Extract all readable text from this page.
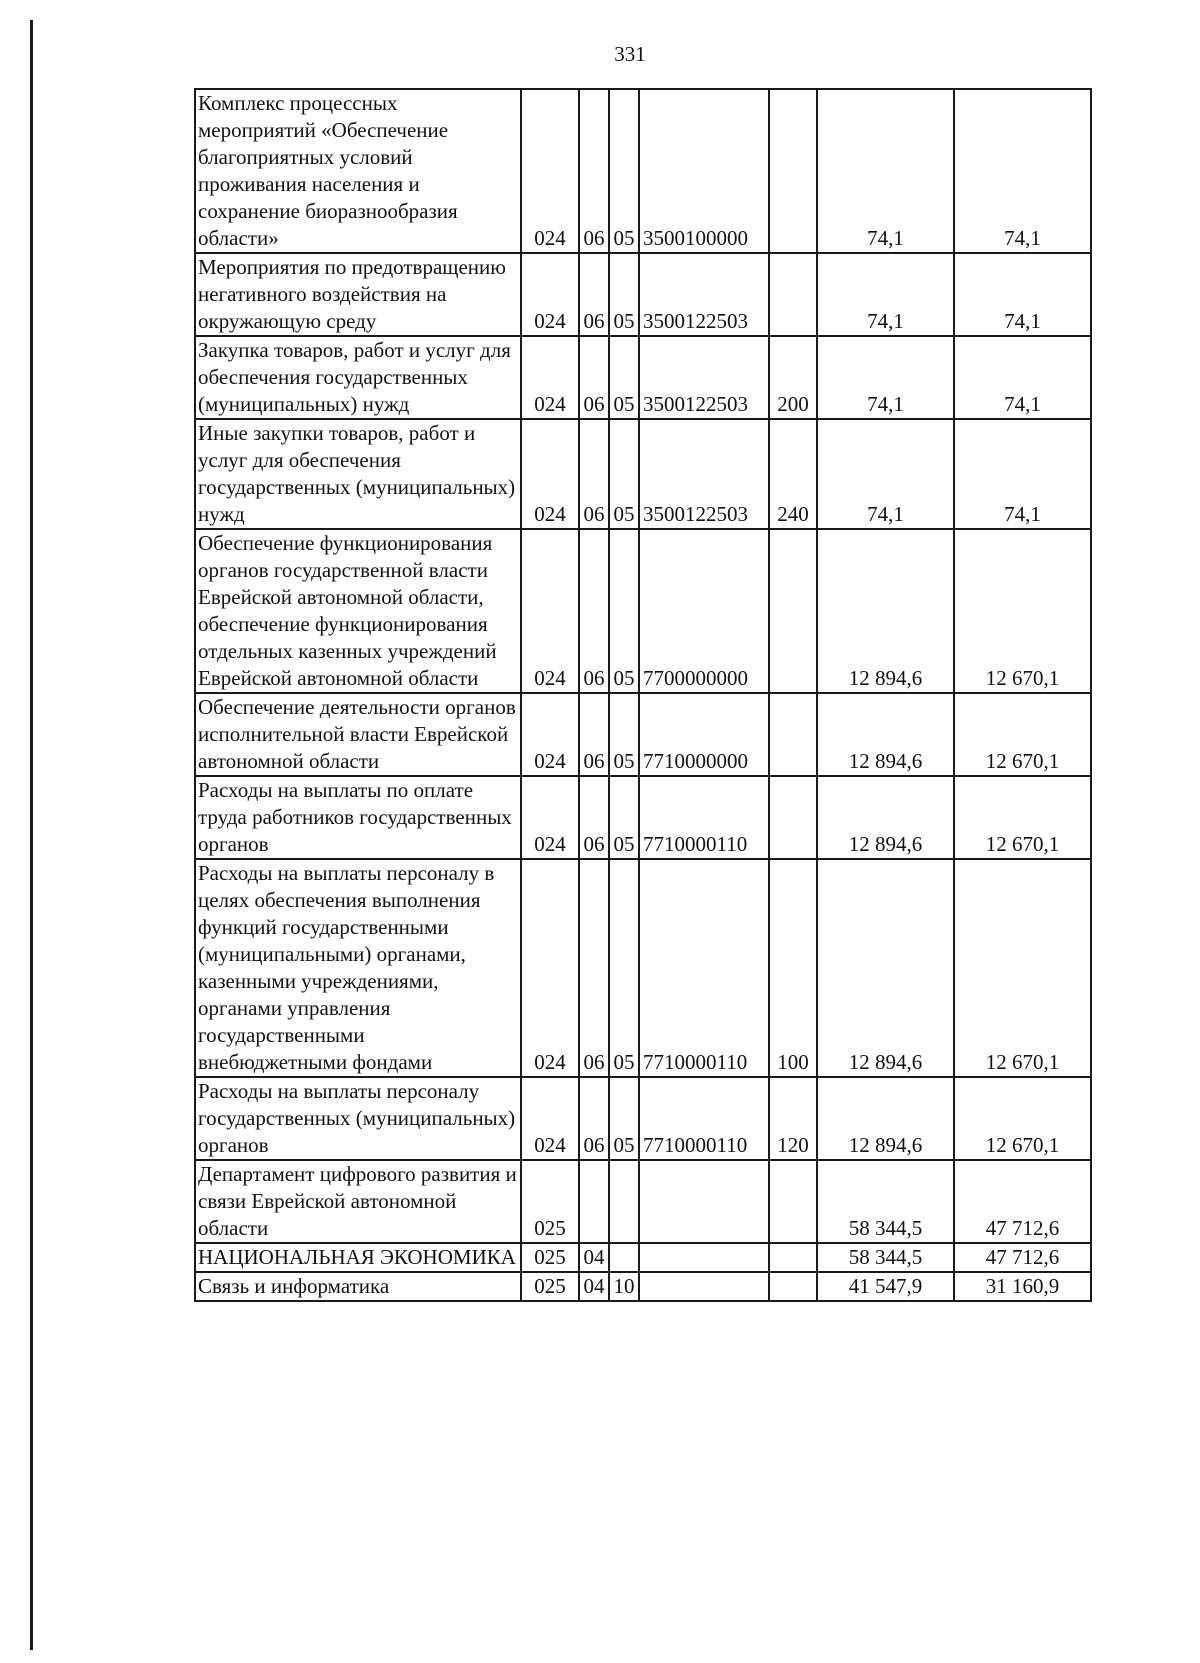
331
Комплекс процессных мероприятий «Обеспечение благоприятных условий проживания населения и сохранение биоразнообразия области»	024	06	05	3500100000		74,1	74,1
Мероприятия по предотвращению негативного воздействия на окружающую среду	024	06	05	3500122503		74,1	74,1
Закупка товаров, работ и услуг для обеспечения государственных (муниципальных) нужд	024	06	05	3500122503	200	74,1	74,1
Иные закупки товаров, работ и услуг для обеспечения государственных (муниципальных) нужд	024	06	05	3500122503	240	74,1	74,1
Обеспечение функционирования органов государственной власти Еврейской автономной области, обеспечение функционирования отдельных казенных учреждений Еврейской автономной области	024	06	05	7700000000		12 894,6	12 670,1
Обеспечение деятельности органов исполнительной власти Еврейской автономной области	024	06	05	7710000000		12 894,6	12 670,1
Расходы на выплаты по оплате труда работников государственных органов	024	06	05	7710000110		12 894,6	12 670,1
Расходы на выплаты персоналу в целях обеспечения выполнения функций государственными (муниципальными) органами, казенными учреждениями, органами управления государственными внебюджетными фондами	024	06	05	7710000110	100	12 894,6	12 670,1
Расходы на выплаты персоналу государственных (муниципальных) органов	024	06	05	7710000110	120	12 894,6	12 670,1
Департамент цифрового развития и связи Еврейской автономной области	025					58 344,5	47 712,6
НАЦИОНАЛЬНАЯ ЭКОНОМИКА	025	04				58 344,5	47 712,6
Связь и информатика	025	04	10			41 547,9	31 160,9
